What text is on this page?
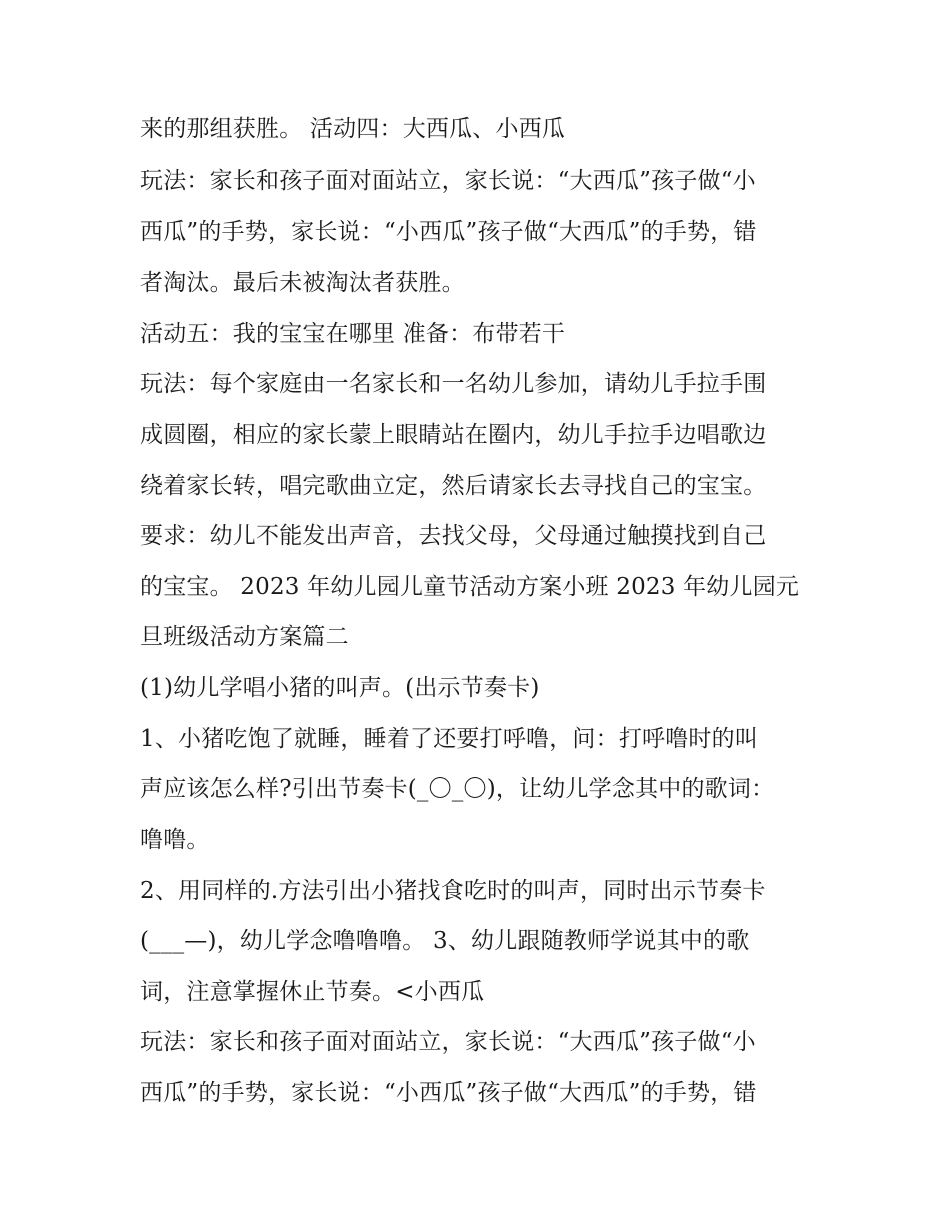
来的那组获胜。 活动四：大西瓜、小西瓜

玩法：家长和孩子面对面站立，家长说：“大西瓜”孩子做“小

西瓜”的手势，家长说：“小西瓜”孩子做“大西瓜”的手势，错

者淘汰。最后未被淘汰者获胜。

活动五：我的宝宝在哪里 准备：布带若干

玩法：每个家庭由一名家长和一名幼儿参加，请幼儿手拉手围

成圆圈，相应的家长蒙上眼睛站在圈内，幼儿手拉手边唱歌边

绕着家长转，唱完歌曲立定，然后请家长去寻找自己的宝宝。

要求：幼儿不能发出声音，去找父母，父母通过触摸找到自己

的宝宝。 2023 年幼儿园儿童节活动方案小班 2023 年幼儿园元

旦班级活动方案篇二

(1)幼儿学唱小猪的叫声。(出示节奏卡)

1、小猪吃饱了就睡，睡着了还要打呼噜，问：打呼噜时的叫

声应该怎么样?引出节奏卡(_〇_〇)，让幼儿学念其中的歌词：

噜噜。

2、用同样的.方法引出小猪找食吃时的叫声，同时出示节奏卡

(___—)，幼儿学念噜噜噜。 3、幼儿跟随教师学说其中的歌

词，注意掌握休止节奏。<小西瓜

玩法：家长和孩子面对面站立，家长说：“大西瓜”孩子做“小

西瓜”的手势，家长说：“小西瓜”孩子做“大西瓜”的手势，错
